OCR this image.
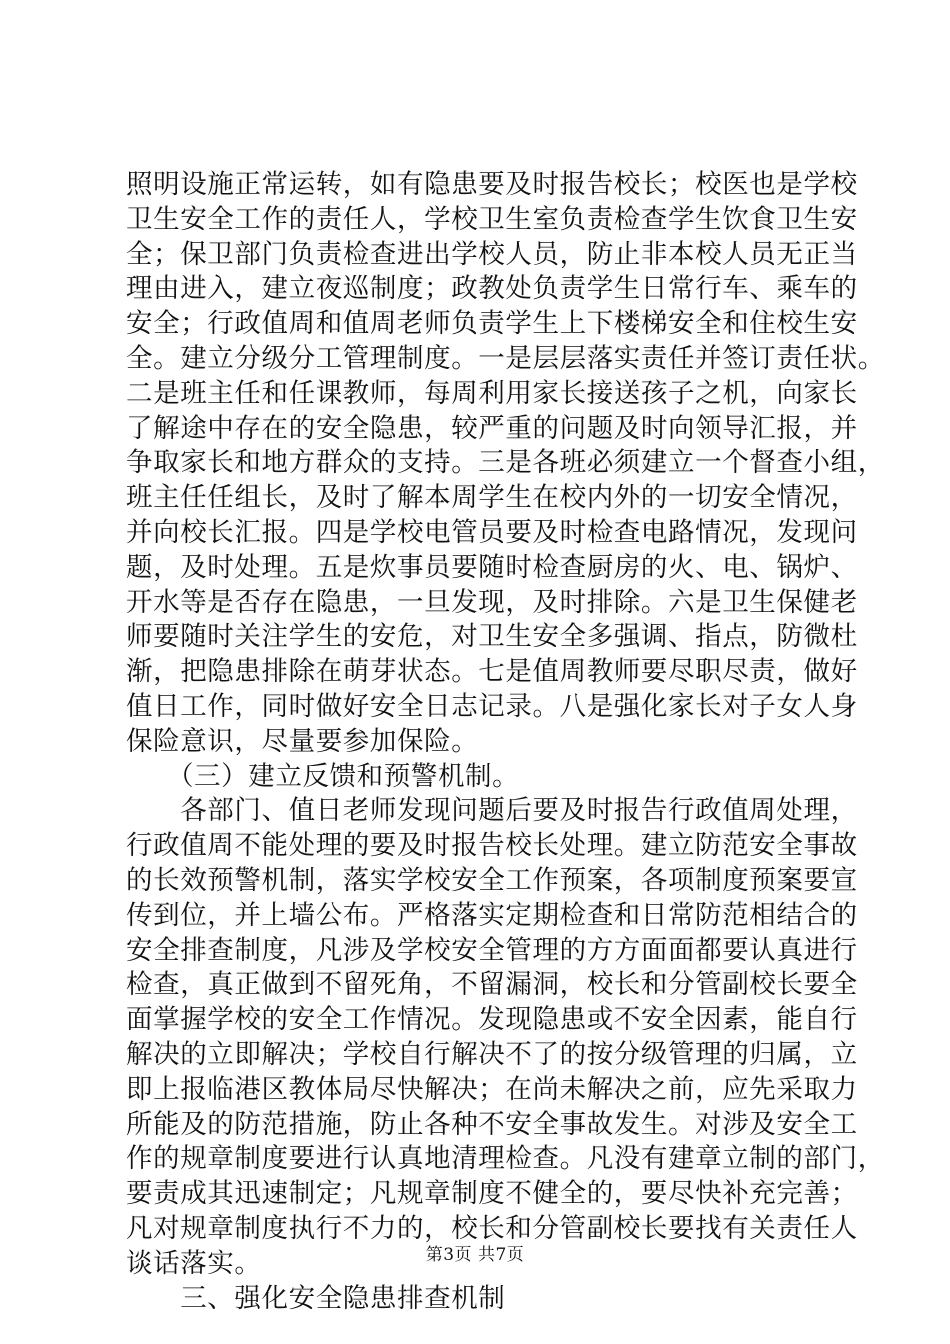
照明设施正常运转，如有隐患要及时报告校长；校医也是学校
卫生安全工作的责任人，学校卫生室负责检查学生饮食卫生安
全；保卫部门负责检查进出学校人员，防止非本校人员无正当
理由进入，建立夜巡制度；政教处负责学生日常行车、乘车的
安全；行政值周和值周老师负责学生上下楼梯安全和住校生安
全。建立分级分工管理制度。一是层层落实责任并签订责任状。
二是班主任和任课教师，每周利用家长接送孩子之机，向家长
了解途中存在的安全隐患，较严重的问题及时向领导汇报，并
争取家长和地方群众的支持。三是各班必须建立一个督查小组，
班主任任组长，及时了解本周学生在校内外的一切安全情况，
并向校长汇报。四是学校电管员要及时检查电路情况，发现问
题，及时处理。五是炊事员要随时检查厨房的火、电、锅炉、
开水等是否存在隐患，一旦发现，及时排除。六是卫生保健老
师要随时关注学生的安危，对卫生安全多强调、指点，防微杜
渐，把隐患排除在萌芽状态。七是值周教师要尽职尽责，做好
值日工作，同时做好安全日志记录。八是强化家长对子女人身
保险意识，尽量要参加保险。
　　（三）建立反馈和预警机制。
　　各部门、值日老师发现问题后要及时报告行政值周处理，
行政值周不能处理的要及时报告校长处理。建立防范安全事故
的长效预警机制，落实学校安全工作预案，各项制度预案要宣
传到位，并上墙公布。严格落实定期检查和日常防范相结合的
安全排查制度，凡涉及学校安全管理的方方面面都要认真进行
检查，真正做到不留死角，不留漏洞，校长和分管副校长要全
面掌握学校的安全工作情况。发现隐患或不安全因素，能自行
解决的立即解决；学校自行解决不了的按分级管理的归属，立
即上报临港区教体局尽快解决；在尚未解决之前，应先采取力
所能及的防范措施，防止各种不安全事故发生。对涉及安全工
作的规章制度要进行认真地清理检查。凡没有建章立制的部门，
要责成其迅速制定；凡规章制度不健全的，要尽快补充完善；
凡对规章制度执行不力的，校长和分管副校长要找有关责任人
谈话落实。
　　三、强化安全隐患排查机制
第3页 共7页
